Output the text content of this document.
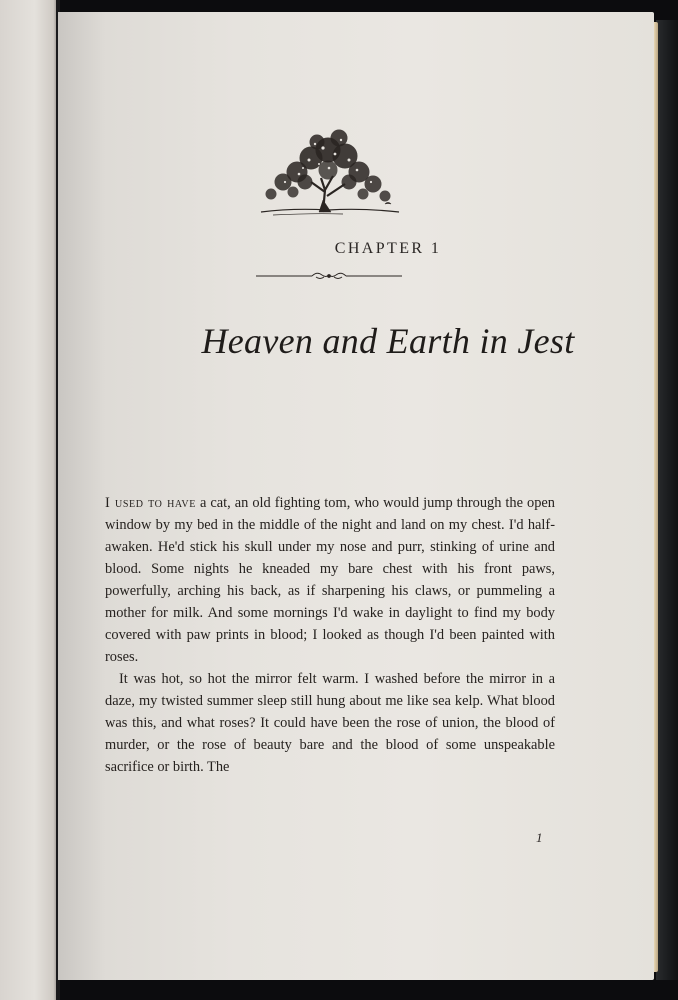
CHAPTER 1
Heaven and Earth in Jest

I used to have a cat, an old fighting tom, who would jump through the open window by my bed in the middle of the night and land on my chest. I'd half-awaken. He'd stick his skull under my nose and purr, stinking of urine and blood. Some nights he kneaded my bare chest with his front paws, powerfully, arching his back, as if sharpening his claws, or pummeling a mother for milk. And some mornings I'd wake in daylight to find my body covered with paw prints in blood; I looked as though I'd been painted with roses.

It was hot, so hot the mirror felt warm. I washed before the mirror in a daze, my twisted summer sleep still hung about me like sea kelp. What blood was this, and what roses? It could have been the rose of union, the blood of murder, or the rose of beauty bare and the blood of some unspeakable sacrifice or birth. The

1
